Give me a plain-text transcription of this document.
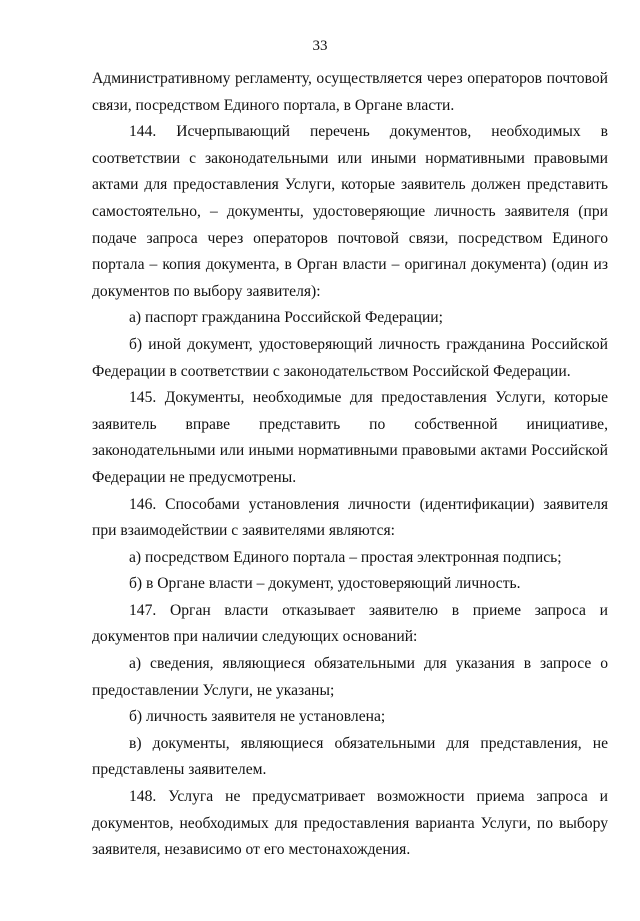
33

Административному регламенту, осуществляется через операторов почтовой связи, посредством Единого портала, в Органе власти.

144. Исчерпывающий перечень документов, необходимых в соответствии с законодательными или иными нормативными правовыми актами для предоставления Услуги, которые заявитель должен представить самостоятельно, – документы, удостоверяющие личность заявителя (при подаче запроса через операторов почтовой связи, посредством Единого портала – копия документа, в Орган власти – оригинал документа) (один из документов по выбору заявителя):

а) паспорт гражданина Российской Федерации;

б) иной документ, удостоверяющий личность гражданина Российской Федерации в соответствии с законодательством Российской Федерации.

145. Документы, необходимые для предоставления Услуги, которые заявитель вправе представить по собственной инициативе, законодательными или иными нормативными правовыми актами Российской Федерации не предусмотрены.

146. Способами установления личности (идентификации) заявителя при взаимодействии с заявителями являются:

а) посредством Единого портала – простая электронная подпись;

б) в Органе власти – документ, удостоверяющий личность.

147. Орган власти отказывает заявителю в приеме запроса и документов при наличии следующих оснований:

а) сведения, являющиеся обязательными для указания в запросе о предоставлении Услуги, не указаны;

б) личность заявителя не установлена;

в) документы, являющиеся обязательными для представления, не представлены заявителем.

148. Услуга не предусматривает возможности приема запроса и документов, необходимых для предоставления варианта Услуги, по выбору заявителя, независимо от его местонахождения.
